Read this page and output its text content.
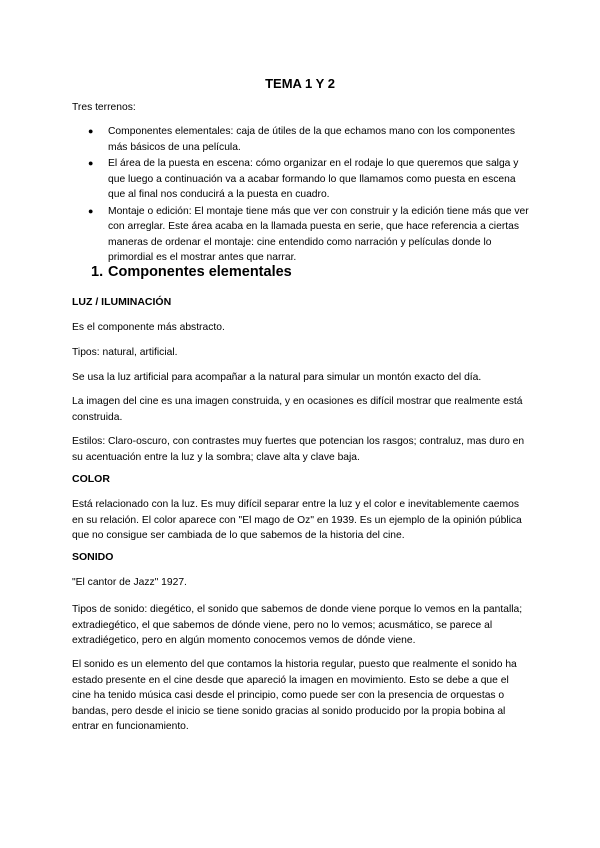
TEMA 1 Y 2

Tres terrenos:

● Componentes elementales: caja de útiles de la que echamos mano con los componentes más básicos de una película.
● El área de la puesta en escena: cómo organizar en el rodaje lo que queremos que salga y que luego a continuación va a acabar formando lo que llamamos como puesta en escena que al final nos conducirá a la puesta en cuadro.
● Montaje o edición: El montaje tiene más que ver con construir y la edición tiene más que ver con arreglar. Este área acaba en la llamada puesta en serie, que hace referencia a ciertas maneras de ordenar el montaje: cine entendido como narración y películas donde lo primordial es el mostrar antes que narrar.
1. Componentes elementales
LUZ / ILUMINACIÓN

Es el componente más abstracto.

Tipos: natural, artificial.

Se usa la luz artificial para acompañar a la natural para simular un montón exacto del día.

La imagen del cine es una imagen construida, y en ocasiones es difícil mostrar que realmente está construida.

Estilos: Claro-oscuro, con contrastes muy fuertes que potencian los rasgos; contraluz, mas duro en su acentuación entre la luz y la sombra; clave alta y clave baja.

COLOR

Está relacionado con la luz. Es muy difícil separar entre la luz y el color e inevitablemente caemos en su relación. El color aparece con "El mago de Oz" en 1939. Es un ejemplo de la opinión pública que no consigue ser cambiada de lo que sabemos de la historia del cine.

SONIDO

"El cantor de Jazz" 1927.

Tipos de sonido: diegético, el sonido que sabemos de donde viene porque lo vemos en la pantalla; extradiegético, el que sabemos de dónde viene, pero no lo vemos; acusmático, se parece al extradiégetico, pero en algún momento conocemos vemos de dónde viene.

El sonido es un elemento del que contamos la historia regular, puesto que realmente el sonido ha estado presente en el cine desde que apareció la imagen en movimiento. Esto se debe a que el cine ha tenido música casi desde el principio, como puede ser con la presencia de orquestas o bandas, pero desde el inicio se tiene sonido gracias al sonido producido por la propia bobina al entrar en funcionamiento.
